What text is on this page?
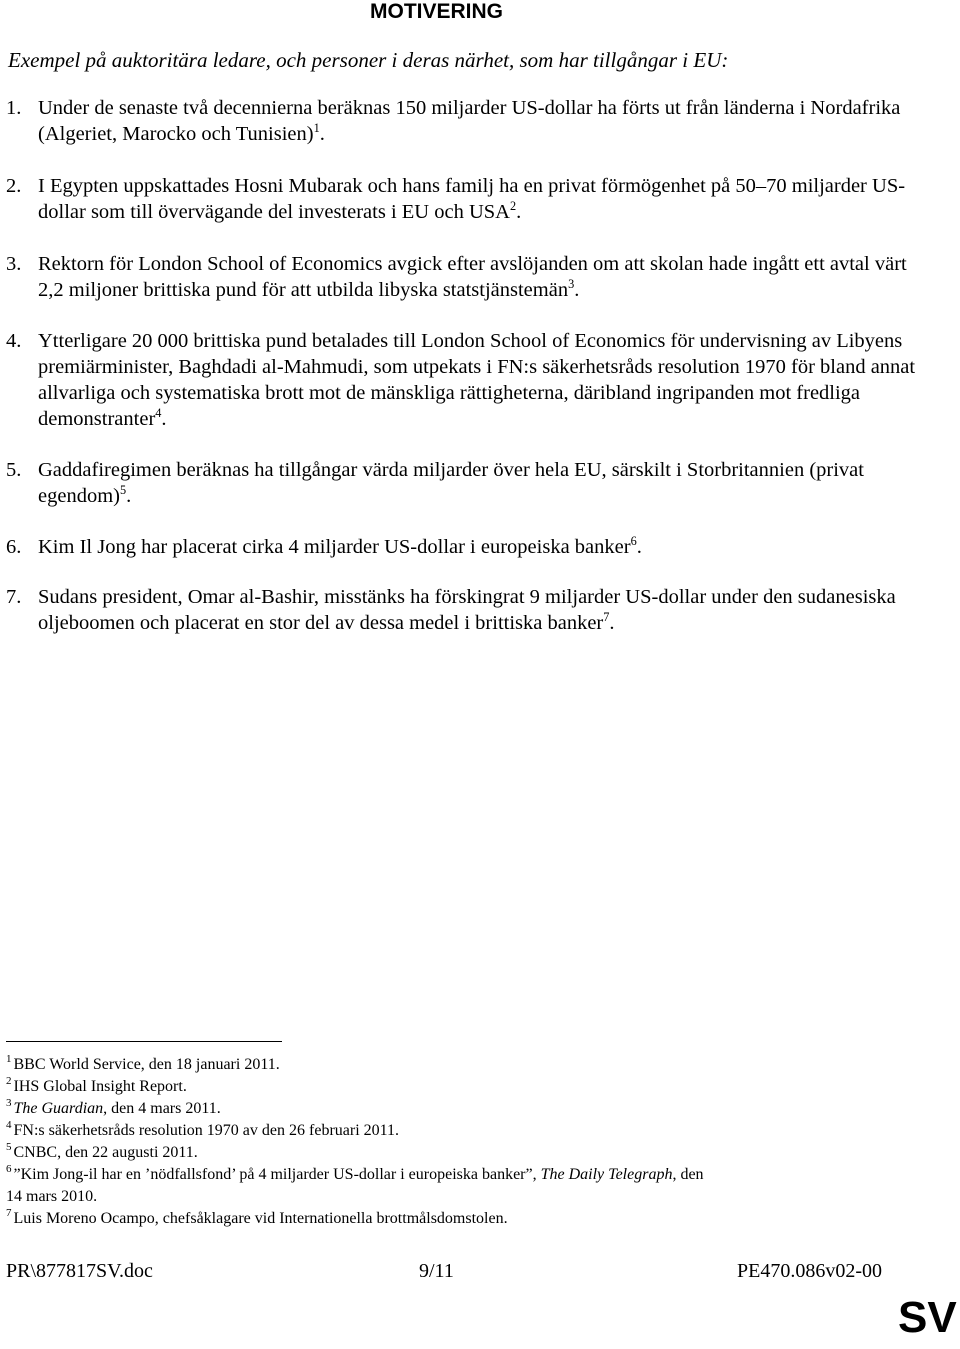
MOTIVERING
Exempel på auktoritära ledare, och personer i deras närhet, som har tillgångar i EU:
1. Under de senaste två decennierna beräknas 150 miljarder US-dollar ha förts ut från länderna i Nordafrika (Algeriet, Marocko och Tunisien)$^1$.
2. I Egypten uppskattades Hosni Mubarak och hans familj ha en privat förmögenhet på 50–70 miljarder US-dollar som till övervägande del investerats i EU och USA$^2$.
3. Rektorn för London School of Economics avgick efter avslöjanden om att skolan hade ingått ett avtal värt 2,2 miljoner brittiska pund för att utbilda libyska statstjänstemän$^3$.
4. Ytterligare 20 000 brittiska pund betalades till London School of Economics för undervisning av Libyens premiärminister, Baghdadi al-Mahmudi, som utpekats i FN:s säkerhetsråds resolution 1970 för bland annat allvarliga och systematiska brott mot de mänskliga rättigheterna, däribland ingripanden mot fredliga demonstranter$^4$.
5. Gaddafiregimen beräknas ha tillgångar värda miljarder över hela EU, särskilt i Storbritannien (privat egendom)$^5$.
6. Kim Il Jong har placerat cirka 4 miljarder US-dollar i europeiska banker$^6$.
7. Sudans president, Omar al-Bashir, misstänks ha förskingrat 9 miljarder US-dollar under den sudanesiska oljeboomen och placerat en stor del av dessa medel i brittiska banker$^7$.
$^1$ BBC World Service, den 18 januari 2011.
$^2$ IHS Global Insight Report.
$^3$ The Guardian, den 4 mars 2011.
$^4$ FN:s säkerhetsråds resolution 1970 av den 26 februari 2011.
$^5$ CNBC, den 22 augusti 2011.
$^6$ ”Kim Jong-il har en ’nödfallsfond’ på 4 miljarder US-dollar i europeiska banker”, The Daily Telegraph, den
14 mars 2010.
$^7$ Luis Moreno Ocampo, chefsåklagare vid Internationella brottmålsdomstolen.
PR\877817SV.doc	9/11	PE470.086v02-00
SV
